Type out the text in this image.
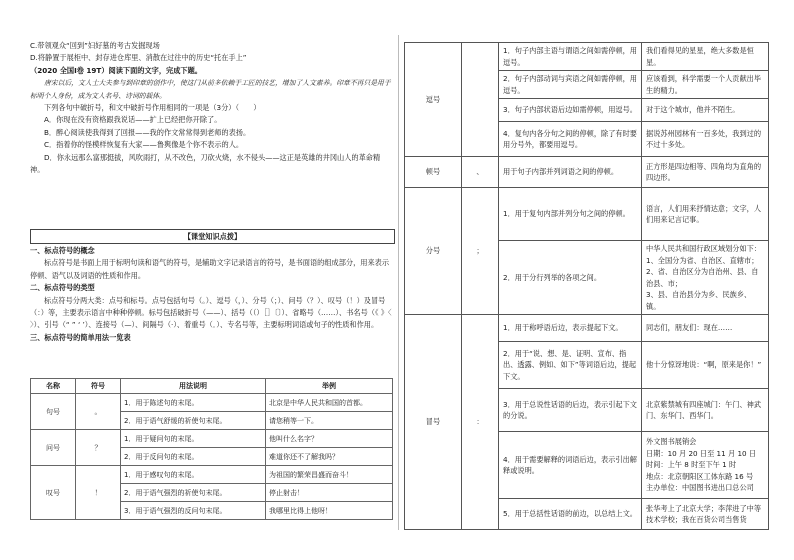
C.带领观众“回到”妇好墓的考古发掘现场

D.将静置于展柜中、封存进仓库里、消散在过往中的历史“托在手上”

（2020 全国Ⅰ卷 19T）阅读下面的文字，完成下题。

唐宋以后，文人士大夫参与到印章的创作中，使这门从前多依赖于工匠的技艺，增加了人文素养。印章不再只是用于标明个人身份，成为文人名号、诗词的载体。

下列各句中破折号，和文中破折号作用相同的一项是（3分）（　　）

A．你现在没有资格跟我说话——扩上已经把你开除了。

B．醉心阅读使我得到了回报——我的作文常常得到老师的表扬。

C．指着你的怪模样恢复有大家——鲁舆像是个你不表示的人。

D．你永远那么富那挺拔，风吹雨打，从不改色，刀砍火烧，水不侵头——这正是英雄的井冈山人的革命精神。

【课堂知识点拨】

一、标点符号的概念

标点符号是书面上用于标明句读和语气的符号，是辅助文字记录语言的符号，是书面语的组成部分，用来表示停顿、语气以及词语的性质和作用。

二、标点符号的类型

标点符号分两大类：点号和标号。点号包括句号（。）、逗号（，）、分号（；）、问号（？）、叹号（！）及冒号（：）等，主要表示语言中种种停顿。标号包括破折号（——）、括号（（）［］〔〕）、省略号（……）、书名号（《 》〈 〉）、引号（“ ” ‘ ’）、连接号（—）、间隔号（·）、着重号（．）、专名号等，主要标明词语或句子的性质和作用。

三、标点符号的简单用法一览表

名称	符号	用法说明	举例
句号	。	1．用于陈述句的末尾。	北京是中华人民共和国的首都。
		2．用于语气舒缓的祈使句末尾。	请您稍等一下。
问号	？	1．用于疑问句的末尾。	他叫什么名字？
		2．用于反问句的末尾。	难道你还不了解我吗？
叹号	！	1．用于感叹句的末尾。	为祖国的繁荣昌盛而奋斗！
		2．用于语气强烈的祈使句末尾。	停止射击！
		3．用于语气强烈的反问句末尾。	我哪里比得上他呀！
逗号		1．句子内部主语与谓语之间如需停顿，用逗号。	我们看得见的星星，绝大多数是恒星。
		2．句子内部动词与宾语之间如需停顿，用逗号。	应该看到，科学需要一个人贡献出毕生的精力。
		3．句子内部状语后边如需停顿，用逗号。	对于这个城市，他并不陌生。
		4．复句内各分句之间的停顿，除了有时要用分号外，都要用逗号。	据说苏州园林有一百多处，我到过的不过十多处。
顿号	、	用于句子内部并列词语之间的停顿。	正方形是四边相等、四角均为直角的四边形。
分号	；	1．用于复句内部并列分句之间的停顿。	语言，人们用来抒情达意；文字，人们用来记言记事。
		2．用于分行列举的各项之间。	中华人民共和国行政区域划分如下：
1、全国分为省、自治区、直辖市；
2、省、自治区分为自治州、县、自治县、市；
3、县、自治县分为乡、民族乡、镇。
冒号	：	1．用于称呼语后边，表示提起下文。	同志们，朋友们：现在……
		2．用于“说、想、是、证明、宣布、指出、透露、例如、如下”等词语后边，提起下文。	他十分惊讶地说：“啊，原来是你！”
		3．用于总说性话语的后边，表示引起下文的分说。	北京紫禁城有四座城门：午门、神武门、东华门、西华门。
		4．用于需要解释的词语后边，表示引出解释或说明。	外文图书展销会
日期：10 月 20 日至 11 月 10 日
时间：上午 8 时至下午 1 时
地点：北京朝阳区工体东路 16 号
主办单位：中国图书进出口总公司
		5．用于总括性话语的前边，以总结上文。	张华考上了北京大学；李萍进了中等技术学校；我在百货公司当售货
